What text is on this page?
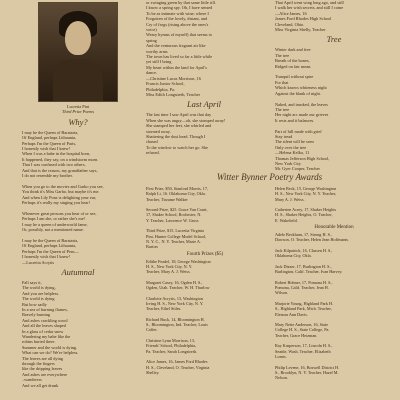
Lucretia Pint

Third Prize Poems

Why?

I may be the Queen of Barataria,

Of England, perhaps Lithuania,

Perhaps I'm the Queen of Paris,

I honestly wish that I knew!

When I was a babe in the hospital born,

It happened, they say, on a windstorm morn.

That I was confused with two others,

And that is the reason, my grandfather says,

I do not resemble my brother.

When you go to the movies and Garbo you see,

You think it's Miss Garbo, but maybe it's me.

And when Lily Pons is delighting your ear,

Perhaps it's really my singing you hear!

Whenever great persons you hear of or see,

Perhaps I am she, or rather she's me!

I may be a queen of underworld fame,

Or, possibly, not a mentioned name.

I may be the Queen of Barataria,

Of England, perhaps Lithuania,

Perhaps I'm the Queen of Peru—

I honestly wish that I knew!

—Lucretia Acrytis

Autumnal

Fall says it,

The world is dying,

And you are helpless.

The world is dying

But how sadly

In a sea of burning flames,

Bravely burning

And ashes crackling wood

And all the leaves shaped

In a glass of cedar snow

Wandering my babe like the

robins buried there.

Summer and the world is dying.

What can we do? We're helpless.

The leaves are all dying

through the fingers

like the dripping leaves

And ashes are everywhere

..wanderers

And we all get drunk

or swinging green by that same little rill.

I know a spring spy. Oh, I have sensed

To be as intimate with wine; where I

Forgotten of the lovely, distant, and

Cry of frogs (rising above the ones's

voice)

Weary hymns of myself) that seems to

spring

And the venturous fragrant air like

worthy arms

The town has lived so far a little while

yet still I bring

My heart within the land for April's

dance.

—Christine Lucas Morrison, 16

Francis Junior School,

Philadelphia, Pa.

Miss Edith Longstreth, Teacher

Last April

The last time I saw April was that day

When she was angry—oh, she stomped away!

She stamped her feet, she whirled and

stormed away.

Shattering the dust head. Though I

chased

To the window to watch her go. She

refused.

That April went wing long ago, and still

I walk her wish secrets, and still I come

—Alice James, 16

James Ford Rhodes High School

Cleveland, Ohio.

Miss Virginia Shelly, Teacher

Tree

Winter dark and free

The tree

Breath of the bones,

Ridged on fair mean.

Tranquil without spire

For that

Which knows whiteness night

Against the blank of night.

Naked, and trunked, the leaves

The tree

Her night arc made our grieves

It rests and it balances.

Part of hill made with grief

Stay tread

The silent will be seen

Only over the tree

—Helena Kelko, 11

Thomas Jefferson High School,

New York City

Mr. Gyer Cooper, Teacher

Witter Bynner Poetry Awards

First Prize, $50, Stanford Morris, 17,

Ralph Lt, 16. Oklahoma City, Okla.

Teacher, Tirzame Walker

Second Prize, $25. Grace Van Court,

17, Shaker School, Rochester, N.

Y. Teacher, Lawrence W. Gross

Third Prize, $15. Lucretia Virginia

Pint, Hunter College Model School,

N. Y. C., N. Y. Teacher, Marie A.

Burton

Fourth Prizes ($5)

Edithe Feadel, 18, George Washington

H. S., New York City, N. Y.

Teacher, Mary A. J. Weiss.

Margaret Casey, 16, Ogden H. S.,

Ogden, Utah. Teacher, W. H. Thurlow

Charlotte Acrytis, 13, Washington

Irving H. S., New York City, N. Y.

Teacher, Ethel Stiles.

Richard Buck, 14, Bloomington H.

S., Bloomington, Ind. Teacher, Louis

Caffer.

Christine Lynn Morrison, 13,

Friends' School, Philadelphia,

Pa. Teacher, Sarah Longstreth.

Alice James, 16, James Ford Rhodes

H. S., Cleveland, O. Teacher, Virginia

Shelley.

Helen Beck, 15, George Washington

H. S., New York City, N. Y. Teacher,

Mary A. J. Weiss.

Catherine Acrey, 17, Shaker Heights

H. S., Shaker Heights, O. Teacher,

E. Wakefield.

Honorable Mention

Adele Beckham, 17, Strong H. S.,

Dawson, O. Teacher, Helen Jean Hoffmann.

Jack Kilpatrick, 16, Classen H. S.,

Oklahoma City, Okla.

Jack Dizzer, 17, Burlington H. S.,

Burlington, Calif. Teacher, Ivan Harvey.

Robert Hobner, 17, Pomona H. S.,

Pomona, Calif. Teacher, Jean H.

Wilson.

Marjorie Young, Highland Park H.

S., Highland Park, Mich. Teacher,

Elenora Ann Davis.

Mary Nette Anderson, 16, State

College H. S., State College, Pa.

Teacher, Grace Hetzman.

Ray Kasperson, 17, Lincoln H. S.,

Seattle, Wash. Teacher, Elizabeth

Lomis.

Philip Levene, 16, Boswell District H.

S., Brooklyn, N. Y. Teacher, Hazel M.

Nelson.
